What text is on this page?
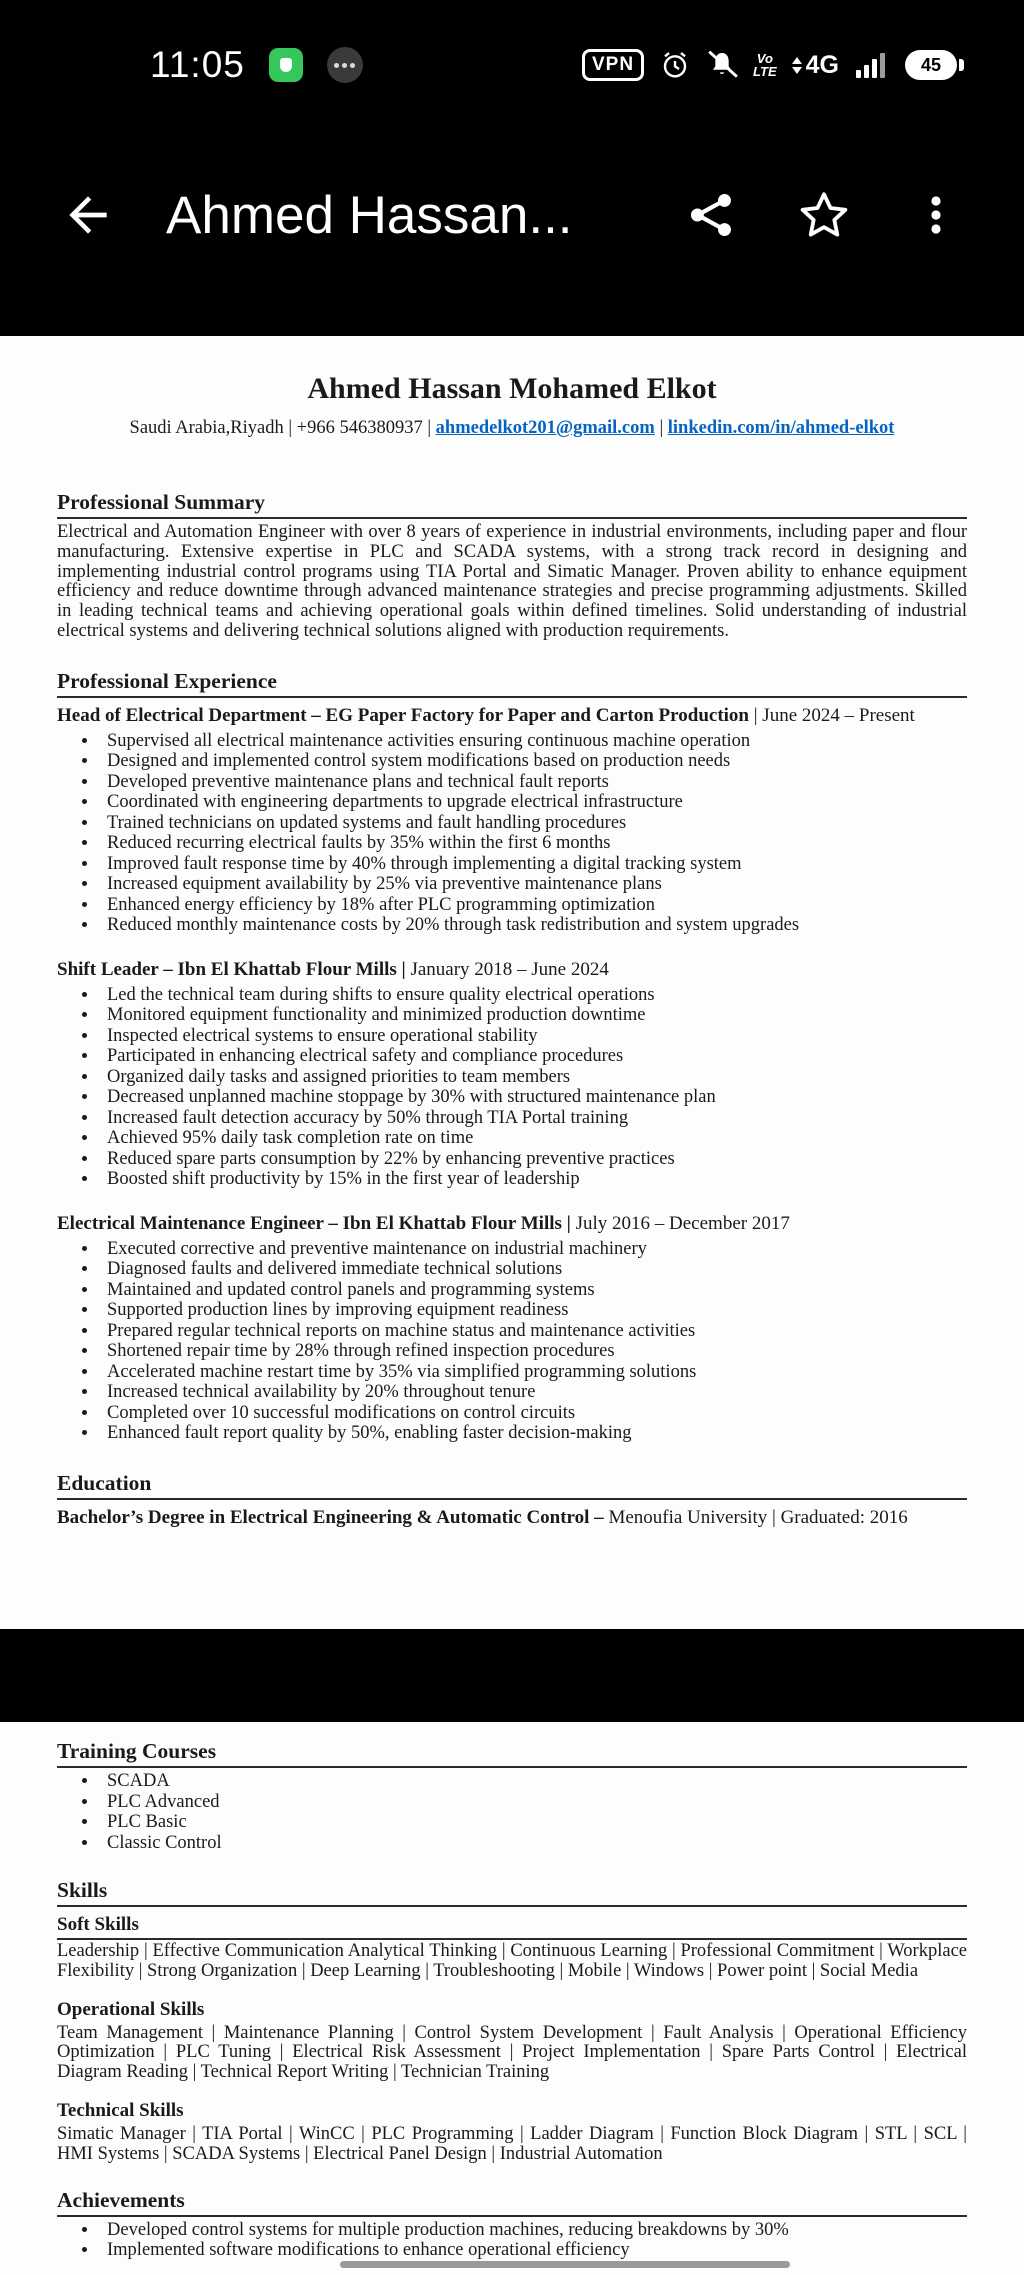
11:05	VPN	Vo
LTE 4G	45
Ahmed Hassan...
Ahmed Hassan Mohamed Elkot

Saudi Arabia,Riyadh | +966 546380937 | ahmedelkot201@gmail.com | linkedin.com/in/ahmed-elkot

Professional Summary

Electrical and Automation Engineer with over 8 years of experience in industrial environments, including paper and flour manufacturing. Extensive expertise in PLC and SCADA systems, with a strong track record in designing and implementing industrial control programs using TIA Portal and Simatic Manager. Proven ability to enhance equipment efficiency and reduce downtime through advanced maintenance strategies and precise programming adjustments. Skilled in leading technical teams and achieving operational goals within defined timelines. Solid understanding of industrial electrical systems and delivering technical solutions aligned with production requirements.

Professional Experience

Head of Electrical Department – EG Paper Factory for Paper and Carton Production | June 2024 – Present

• Supervised all electrical maintenance activities ensuring continuous machine operation
• Designed and implemented control system modifications based on production needs
• Developed preventive maintenance plans and technical fault reports
• Coordinated with engineering departments to upgrade electrical infrastructure
• Trained technicians on updated systems and fault handling procedures
• Reduced recurring electrical faults by 35% within the first 6 months
• Improved fault response time by 40% through implementing a digital tracking system
• Increased equipment availability by 25% via preventive maintenance plans
• Enhanced energy efficiency by 18% after PLC programming optimization
• Reduced monthly maintenance costs by 20% through task redistribution and system upgrades

Shift Leader – Ibn El Khattab Flour Mills | January 2018 – June 2024

• Led the technical team during shifts to ensure quality electrical operations
• Monitored equipment functionality and minimized production downtime
• Inspected electrical systems to ensure operational stability
• Participated in enhancing electrical safety and compliance procedures
• Organized daily tasks and assigned priorities to team members
• Decreased unplanned machine stoppage by 30% with structured maintenance plan
• Increased fault detection accuracy by 50% through TIA Portal training
• Achieved 95% daily task completion rate on time
• Reduced spare parts consumption by 22% by enhancing preventive practices
• Boosted shift productivity by 15% in the first year of leadership

Electrical Maintenance Engineer – Ibn El Khattab Flour Mills | July 2016 – December 2017

• Executed corrective and preventive maintenance on industrial machinery
• Diagnosed faults and delivered immediate technical solutions
• Maintained and updated control panels and programming systems
• Supported production lines by improving equipment readiness
• Prepared regular technical reports on machine status and maintenance activities
• Shortened repair time by 28% through refined inspection procedures
• Accelerated machine restart time by 35% via simplified programming solutions
• Increased technical availability by 20% throughout tenure
• Completed over 10 successful modifications on control circuits
• Enhanced fault report quality by 50%, enabling faster decision-making
Education

Bachelor’s Degree in Electrical Engineering & Automatic Control – Menoufia University | Graduated: 2016

Training Courses
• SCADA
• PLC Advanced
• PLC Basic
• Classic Control
Skills
Soft Skills

Leadership | Effective Communication Analytical Thinking | Continuous Learning | Professional Commitment | Workplace Flexibility | Strong Organization | Deep Learning | Troubleshooting | Mobile | Windows | Power point | Social Media

Operational Skills

Team Management | Maintenance Planning | Control System Development | Fault Analysis | Operational Efficiency Optimization | PLC Tuning | Electrical Risk Assessment | Project Implementation | Spare Parts Control | Electrical Diagram Reading | Technical Report Writing | Technician Training

Technical Skills

Simatic Manager | TIA Portal | WinCC | PLC Programming | Ladder Diagram | Function Block Diagram | STL | SCL | HMI Systems | SCADA Systems | Electrical Panel Design | Industrial Automation

Achievements
• Developed control systems for multiple production machines, reducing breakdowns by 30%
• Implemented software modifications to enhance operational efficiency
